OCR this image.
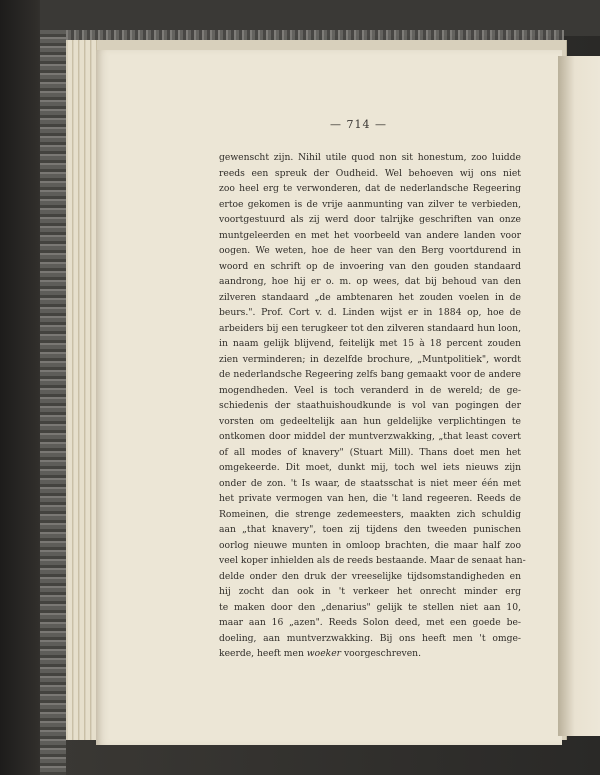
— 714 —
gewenscht zijn. Nihil utile quod non sit honestum, zoo luidde
reeds een spreuk der Oudheid. Wel behoeven wij ons niet
zoo heel erg te verwonderen, dat de nederlandsche Regeering
ertoe gekomen is de vrije aanmunting van zilver te verbieden,
voortgestuurd als zij werd door talrijke geschriften van onze
muntgeleerden en met het voorbeeld van andere landen voor
oogen. We weten, hoe de heer van den Berg voortdurend in
woord en schrift op de invoering van den gouden standaard
aandrong, hoe hij er o. m. op wees, dat bij behoud van den
zilveren standaard „de ambtenaren het zouden voelen in de
beurs.". Prof. Cort v. d. Linden wijst er in 1884 op, hoe de
arbeiders bij een terugkeer tot den zilveren standaard hun loon,
in naam gelijk blijvend, feitelijk met 15 à 18 percent zouden
zien verminderen; in dezelfde brochure, „Muntpolitiek", wordt
de nederlandsche Regeering zelfs bang gemaakt voor de andere
mogendheden. Veel is toch veranderd in de wereld; de ge-
schiedenis der staathuishoudkunde is vol van pogingen der
vorsten om gedeeltelijk aan hun geldelijke verplichtingen te
ontkomen door middel der muntverzwakking, „that least covert
of all modes of knavery" (Stuart Mill). Thans doet men het
omgekeerde. Dit moet, dunkt mij, toch wel iets nieuws zijn
onder de zon. 't Is waar, de staatsschat is niet meer één met
het private vermogen van hen, die 't land regeeren. Reeds de
Romeinen, die strenge zedemeesters, maakten zich schuldig
aan „that knavery", toen zij tijdens den tweeden punischen
oorlog nieuwe munten in omloop brachten, die maar half zoo
veel koper inhielden als de reeds bestaande. Maar de senaat han-
delde onder den druk der vreeselijke tijdsomstandigheden en
hij zocht dan ook in 't verkeer het onrecht minder erg
te maken door den „denarius" gelijk te stellen niet aan 10,
maar aan 16 „azen". Reeds Solon deed, met een goede be-
doeling, aan muntverzwakking. Bij ons heeft men 't omge-
keerde, heeft men woeker voorgeschreven.
